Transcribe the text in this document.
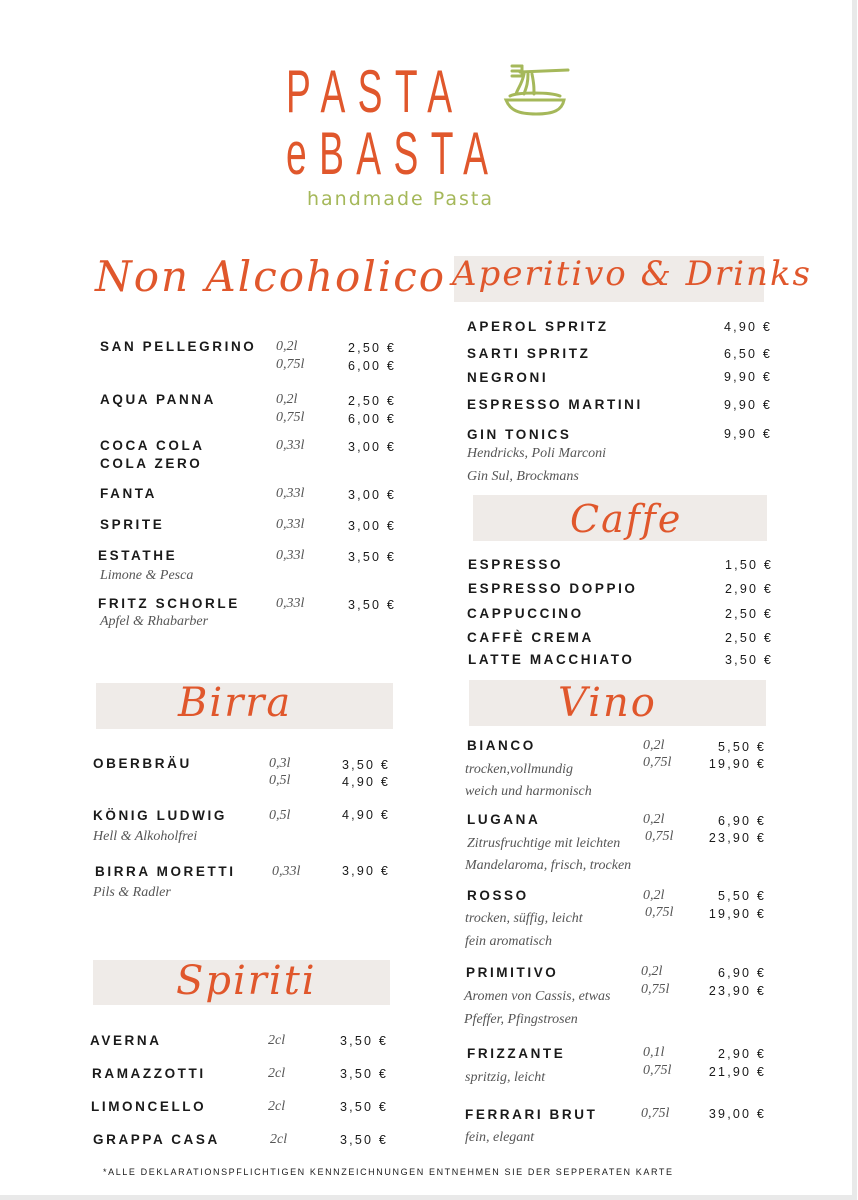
PASTA
eBASTA
handmade Pasta
Non Alcoholico Aperitivo & Drinks
Caffe
Birra	Vino
Spiriti
SAN PELLEGRINO 0,2l	2,50 €
0,75l	6,00 €
AQUA PANNA	0,2l	2,50 €
0,75l	6,00 €
COCA COLA
COLA ZERO
0,33l	3,00 €
FANTA	0,33l	3,00 €
SPRITE	0,33l	3,00 €
ESTATHE
Limone & Pesca
0,33l	3,50 €
FRITZ SCHORLE
Apfel & Rhabarber
0,33l	3,50 €
OBERBRÄU	0,3l	3,50 €
0,5l	4,90 €
KÖNIG LUDWIG
Hell & Alkoholfrei
0,5l	4,90 €
BIRRA MORETTI
Pils & Radler
0,33l	3,90 €
AVERNA	2cl	3,50 €
RAMAZZOTTI	2cl	3,50 €
LIMONCELLO	2cl	3,50 €
GRAPPA CASA	2cl	3,50 €
APEROL SPRITZ	4,90 €
SARTI SPRITZ	6,50 €
NEGRONI	9,90 €
ESPRESSO MARTINI	9,90 €
GIN TONICS
Hendricks, Poli Marconi
Gin Sul, Brockmans
9,90 €
ESPRESSO	1,50 €
ESPRESSO DOPPIO	2,90 €
CAPPUCCINO	2,50 €
CAFFÈ CREMA	2,50 €
LATTE MACCHIATO	3,50 €
BIANCO
trocken,vollmundig
weich und harmonisch
0,2l	5,50 €
0,75l	19,90 €
LUGANA
Zitrusfruchtige mit leichten
Mandelaroma, frisch, trocken
0,2l	6,90 €
0,75l	23,90 €
ROSSO
trocken, süffig, leicht
fein aromatisch
0,2l	5,50 €
0,75l	19,90 €
PRIMITIVO
Aromen von Cassis, etwas
Pfeffer, Pfingstrosen
0,2l	6,90 €
0,75l	23,90 €
FRIZZANTE
spritzig, leicht
0,1l	2,90 €
0,75l	21,90 €
FERRARI BRUT
fein, elegant
0,75l	39,00 €
*ALLE DEKLARATIONSPFLICHTIGEN KENNZEICHNUNGEN ENTNEHMEN SIE DER SEPPERATEN KARTE
